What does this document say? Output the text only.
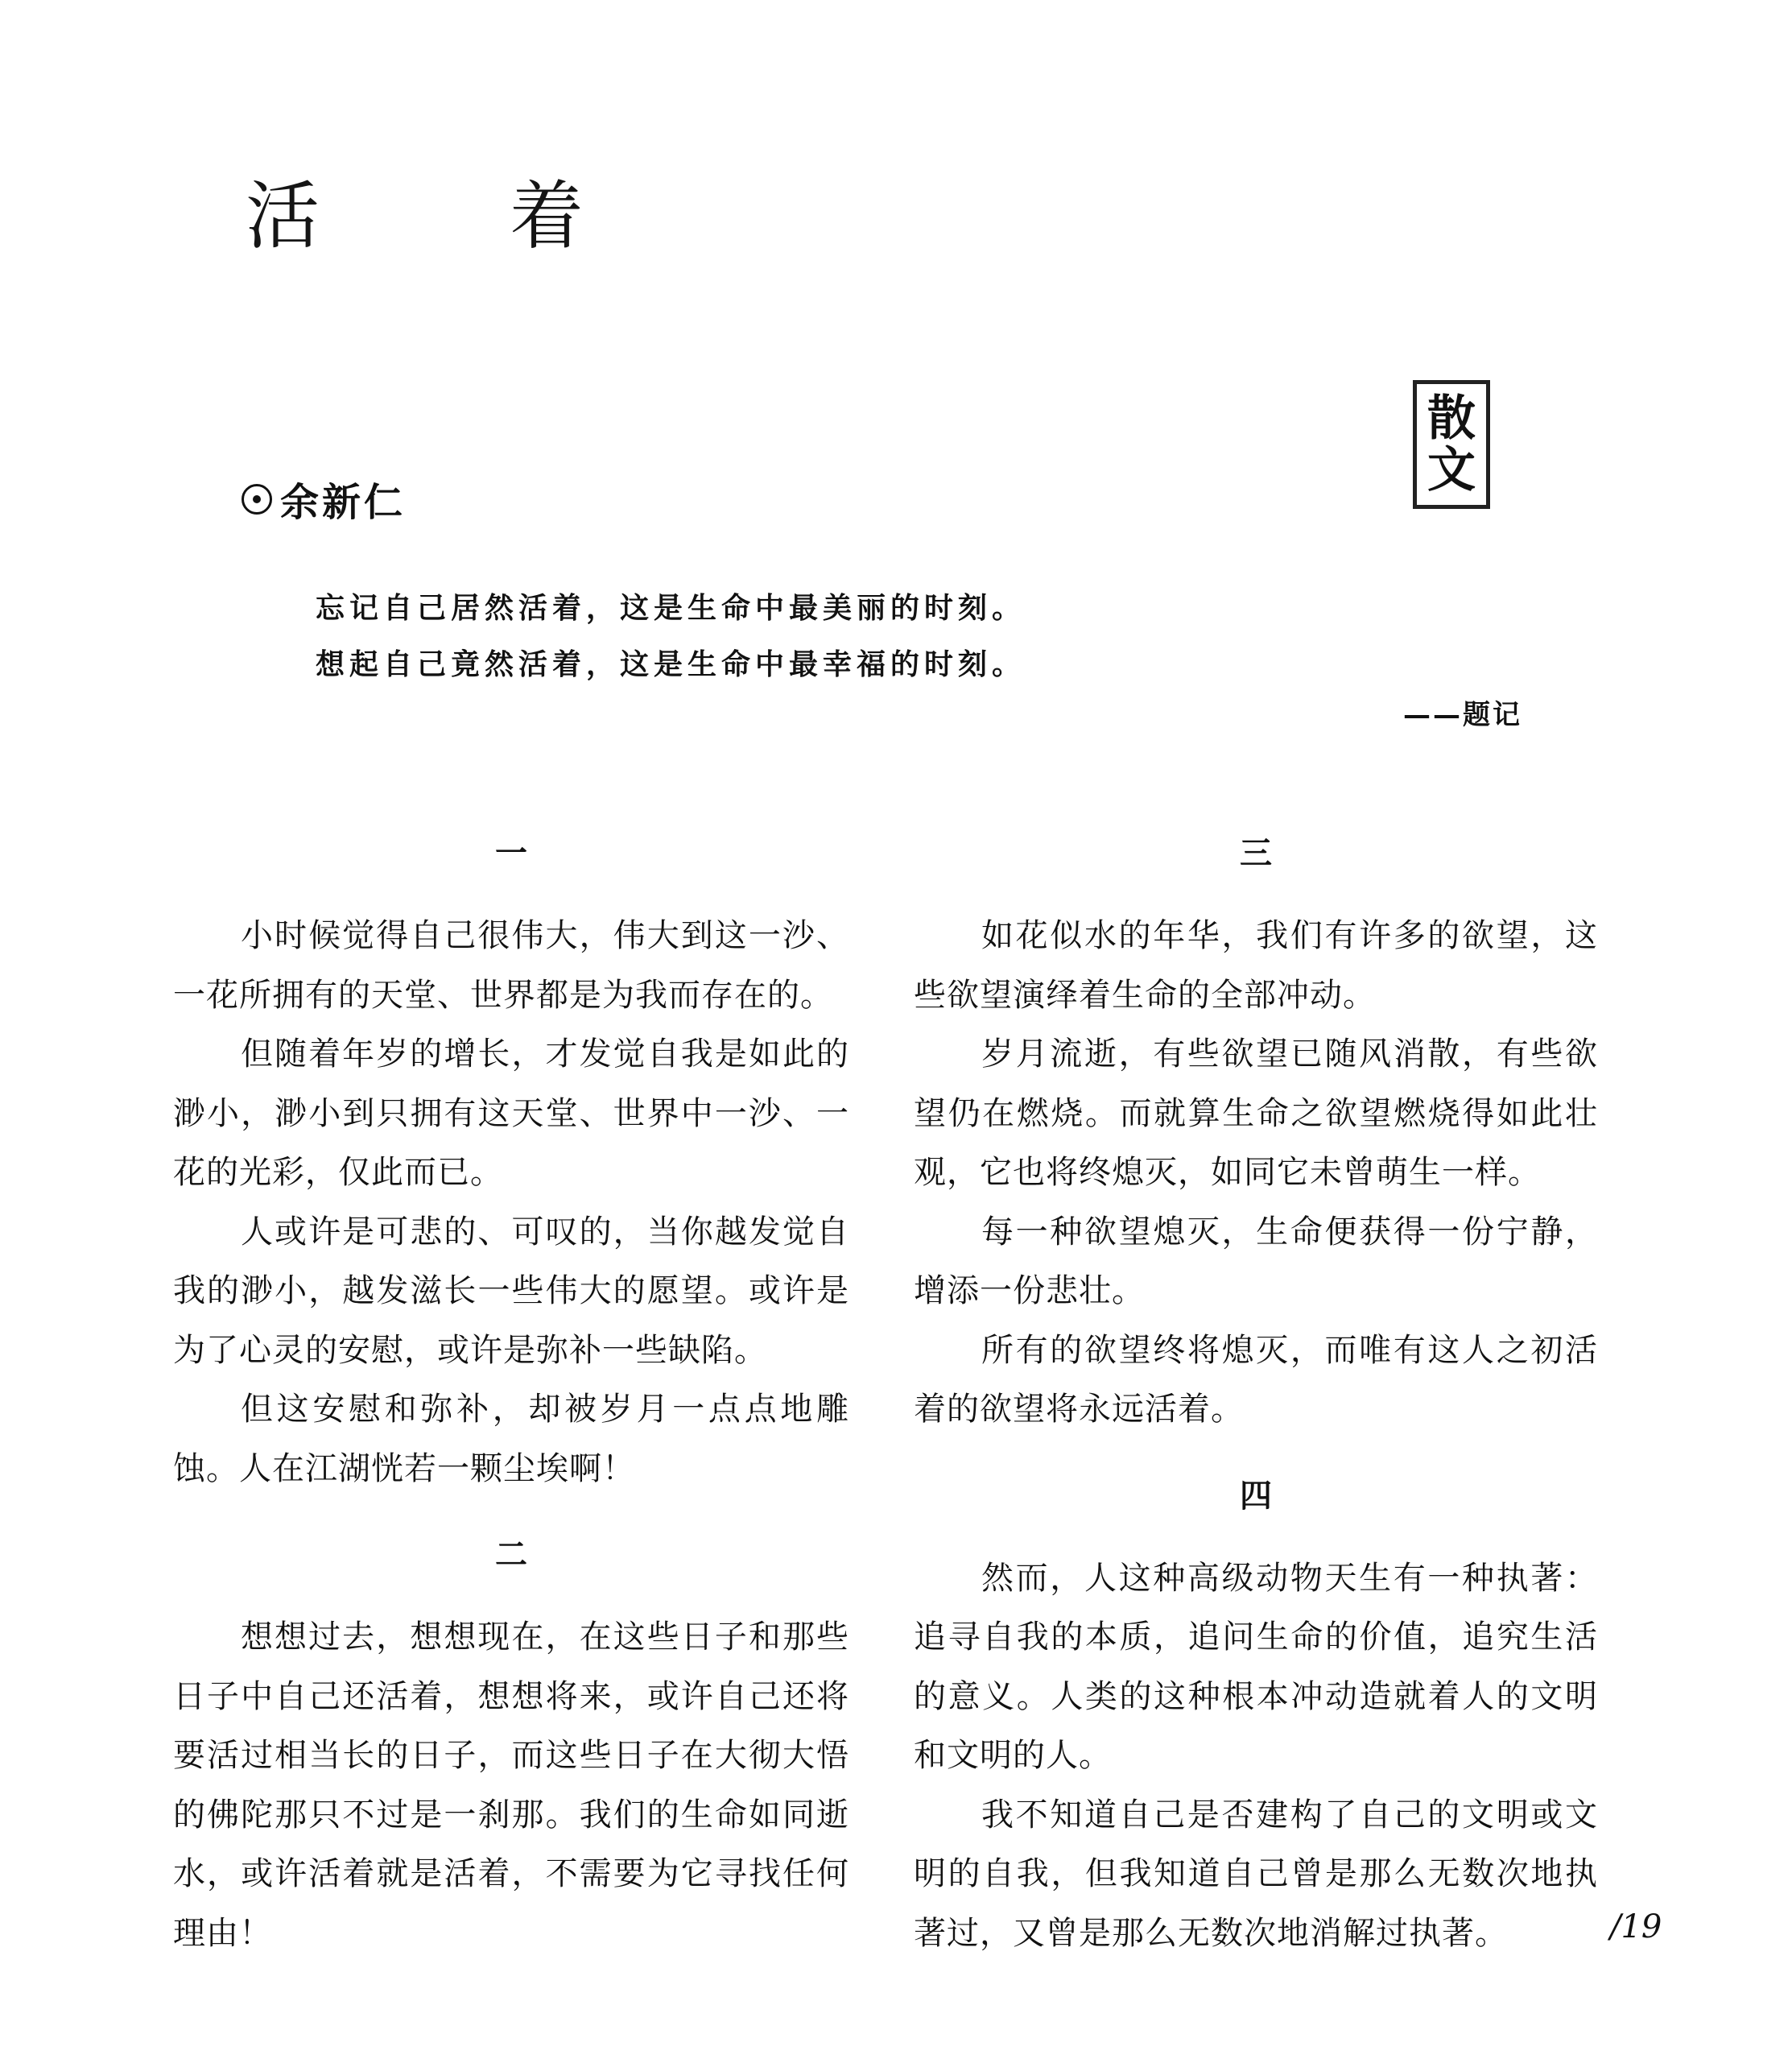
活	着
散
文
余新仁
忘记自己居然活着，这是生命中最美丽的时刻。
想起自己竟然活着，这是生命中最幸福的时刻。
——题记
一

小时候觉得自己很伟大，伟大到这一沙、一花所拥有的天堂、世界都是为我而存在的。

但随着年岁的增长，才发觉自我是如此的渺小，渺小到只拥有这天堂、世界中一沙、一花的光彩，仅此而已。

人或许是可悲的、可叹的，当你越发觉自我的渺小，越发滋长一些伟大的愿望。或许是为了心灵的安慰，或许是弥补一些缺陷。

但这安慰和弥补，却被岁月一点点地雕蚀。人在江湖恍若一颗尘埃啊！

二

想想过去，想想现在，在这些日子和那些日子中自己还活着，想想将来，或许自己还将要活过相当长的日子，而这些日子在大彻大悟的佛陀那只不过是一刹那。我们的生命如同逝水，或许活着就是活着，不需要为它寻找任何理由！

三

如花似水的年华，我们有许多的欲望，这些欲望演绎着生命的全部冲动。

岁月流逝，有些欲望已随风消散，有些欲望仍在燃烧。而就算生命之欲望燃烧得如此壮观，它也将终熄灭，如同它未曾萌生一样。

每一种欲望熄灭，生命便获得一份宁静，增添一份悲壮。

所有的欲望终将熄灭，而唯有这人之初活着的欲望将永远活着。

四

然而，人这种高级动物天生有一种执著：追寻自我的本质，追问生命的价值，追究生活的意义。人类的这种根本冲动造就着人的文明和文明的人。

我不知道自己是否建构了自己的文明或文明的自我，但我知道自己曾是那么无数次地执著过，又曾是那么无数次地消解过执著。	/19
